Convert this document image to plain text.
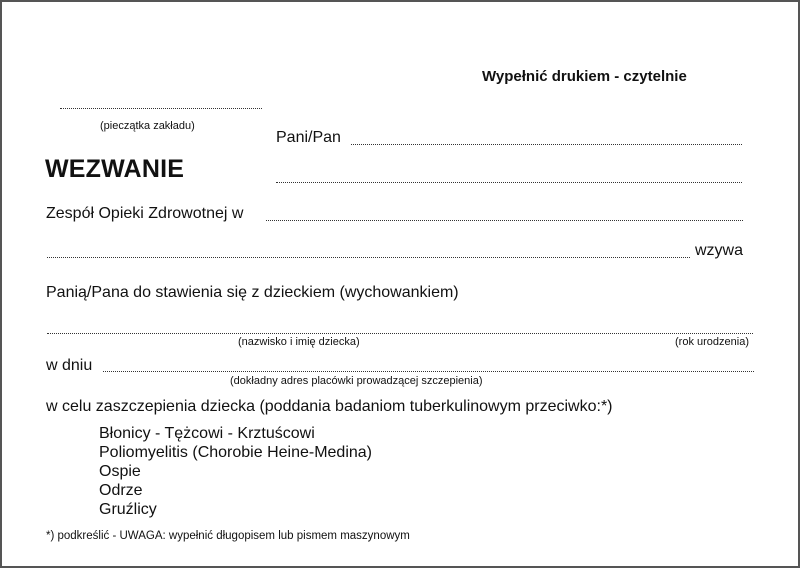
Wypełnić drukiem - czytelnie
(pieczątka zakładu)
Pani/Pan
WEZWANIE
Zespół Opieki Zdrowotnej w
wzywa
Panią/Pana do stawienia się z dzieckiem (wychowankiem)
(nazwisko i imię dziecka)	(rok urodzenia)
w dniu
(dokładny adres placówki prowadzącej szczepienia)
w celu zaszczepienia dziecka (poddania badaniom tuberkulinowym przeciwko:*)
Błonicy - Tężcowi - Krztuścowi
Poliomyelitis (Chorobie Heine-Medina)
Ospie
Odrze
Gruźlicy
*) podkreślić - UWAGA: wypełnić długopisem lub pismem maszynowym
